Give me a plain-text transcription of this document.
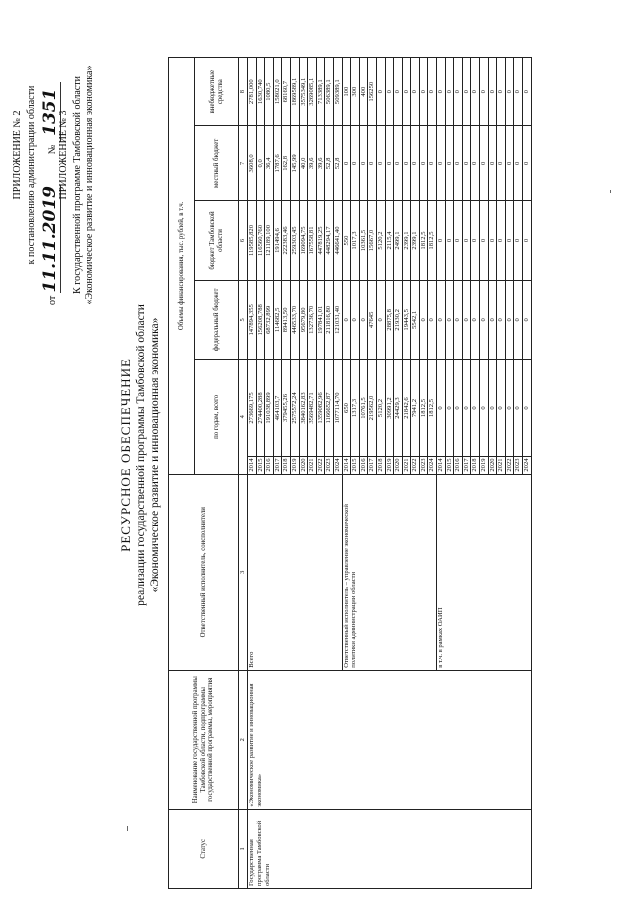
ПРИЛОЖЕНИЕ № 2 к постановлению администрации области
от 11.11.2019  № 1351
ПРИЛОЖЕНИЕ № 3 К государственной программе Тамбовской области «Экономическое развитие и инновационная экономика»
РЕСУРСНОЕ ОБЕСПЕЧЕНИЕ реализации государственной программы Тамбовской области «Экономическое развитие и инновационная экономика»
Статус	Наименование государственной программы Тамбовской области, подпрограммы государственной программы, мероприятия	Ответственный исполнитель, соисполнители	Объемы финансирования, тыс. рублей, в т.ч.					
			по годам, всего		федеральный бюджет	бюджет Тамбовской области	местный бюджет	внебюджетные средства
1	2	3	4		5	6	7	8
Государственная программа Тамбовской области	«Экономическое развитие и инновационная экономика»	Всего	2014	273669,175	147894,355	119585,820	3608,0	2781,000
			2015	274400,288	156208,788	116560,760	0,0	1630,740
			2016	191038,899	68732,899	121189,100	36,4	1080,5
			2017	464103,7	114682,5	191494,6	1787,6	158021,0
			2018	379455,26	89413,50	222383,46	162,8	68160,7
			2019	2575572,24	446533,70	259303,45	145,99	1869589,1
			2020	3840162,83	95679,80	169094,75	40,0	3575349,1
			2021	3569482,71	132736,70	167558,81	39,6	3269085,1
			2022	1359082,96	197841,01	447819,25	39,6	713389,1
			2023	1166652,87	211816,80	448294,17	52,8	506389,1
			2024	1077114,70	121031,40	446641,40	52,8	509389,1
		Ответственный исполнитель – управление экономической политики администрации области	2014	650	0	550	0	100
			2015	1317,3	0	1017,3	0	300
			2016	10761,5	0	10361,5	0	400
			2017	219562,0	47645	15667,0	0	156250
			2018	5120,2	0	5120,2	0	0
			2019	30991,2	28875,8	2115,4	0	0
			2020	24429,3	21930,2	2499,1	0	0
			2021	21842,6	19443,5	2399,1	0	0
			2022	7941,2	5542,1	2399,1	0	0
			2023	1812,5	0	1812,5	0	0
			2024	1812,5	0	1812,5	0	0
		в т.ч. в рамках ОАИП	2014	0	0	0	0	0
			2015	0	0	0	0	0
			2016	0	0	0	0	0
			2017	0	0	0	0	0
			2018	0	0	0	0	0
			2019	0	0	0	0	0
			2020	0	0	0	0	0
			2021	0	0	0	0	0
			2022	0	0	0	0	0
			2023	0	0	0	0	0
			2024	0	0	0	0	0
